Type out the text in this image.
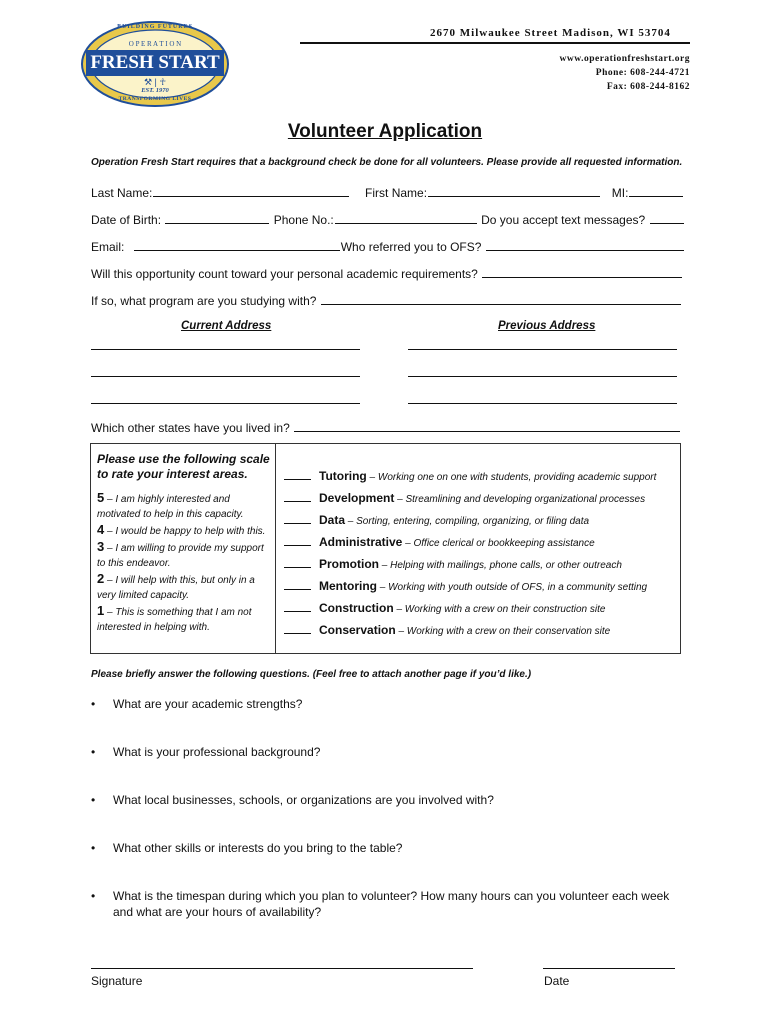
BUILDING FUTURES
O P E R A T I O N
FRESH START
⚒ | ☥
EST. 1970
TRANSFORMING LIVES
2670 Milwaukee Street Madison, WI 53704
www.operationfreshstart.org
Phone: 608-244-4721
Fax: 608-244-8162
Volunteer Application
Operation Fresh Start requires that a background check be done for all volunteers. Please provide all requested information.
Last Name:	First Name:	MI:
Date of Birth:	Phone No.:	Do you accept text messages?
Email:	Who referred you to OFS?
Will this opportunity count toward your personal academic requirements?
If so, what program are you studying with?
Current Address	Previous Address
Which other states have you lived in?
Please use the following scale to rate your interest areas.
5 – I am highly interested and motivated to help in this capacity.
4 – I would be happy to help with this.
3 – I am willing to provide my support to this endeavor.
2 – I will help with this, but only in a very limited capacity.
1 – This is something that I am not interested in helping with.
Tutoring – Working one on one with students, providing academic support
Development – Streamlining and developing organizational processes
Data – Sorting, entering, compiling, organizing, or filing data
Administrative – Office clerical or bookkeeping assistance
Promotion – Helping with mailings, phone calls, or other outreach
Mentoring – Working with youth outside of OFS, in a community setting
Construction – Working with a crew on their construction site
Conservation – Working with a crew on their conservation site
Please briefly answer the following questions. (Feel free to attach another page if you’d like.)
• What are your academic strengths?
• What is your professional background?
• What local businesses, schools, or organizations are you involved with?
• What other skills or interests do you bring to the table?
• What is the timespan during which you plan to volunteer? How many hours can you volunteer each week and what are your hours of availability?
Signature	Date
